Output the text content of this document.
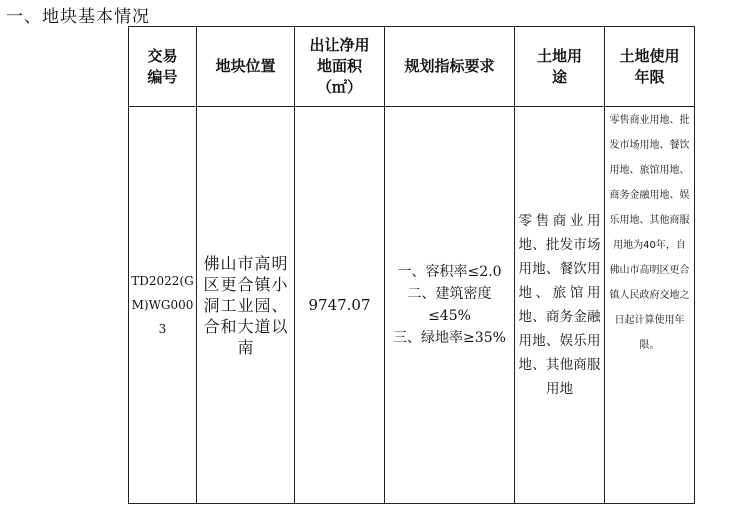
一、地块基本情况
交易编号	地块位置	出让净用地面积（㎡）	规划指标要求	土地用途	土地使用年限

TD2022(GM)WG0003	佛山市高明区更合镇小洞工业园、合和大道以南	9747.07	一、容积率≤2.0
二、建筑密度≤45%
三、绿地率≥35%	零售商业用地、批发市场用地、餐饮用地、旅馆用地、商务金融用地、娱乐用地、其他商服用地	零售商业用地、批发市场用地、餐饮用地、旅馆用地、商务金融用地、娱乐用地、其他商服用地为40年，自佛山市高明区更合镇人民政府交地之日起计算使用年限。
